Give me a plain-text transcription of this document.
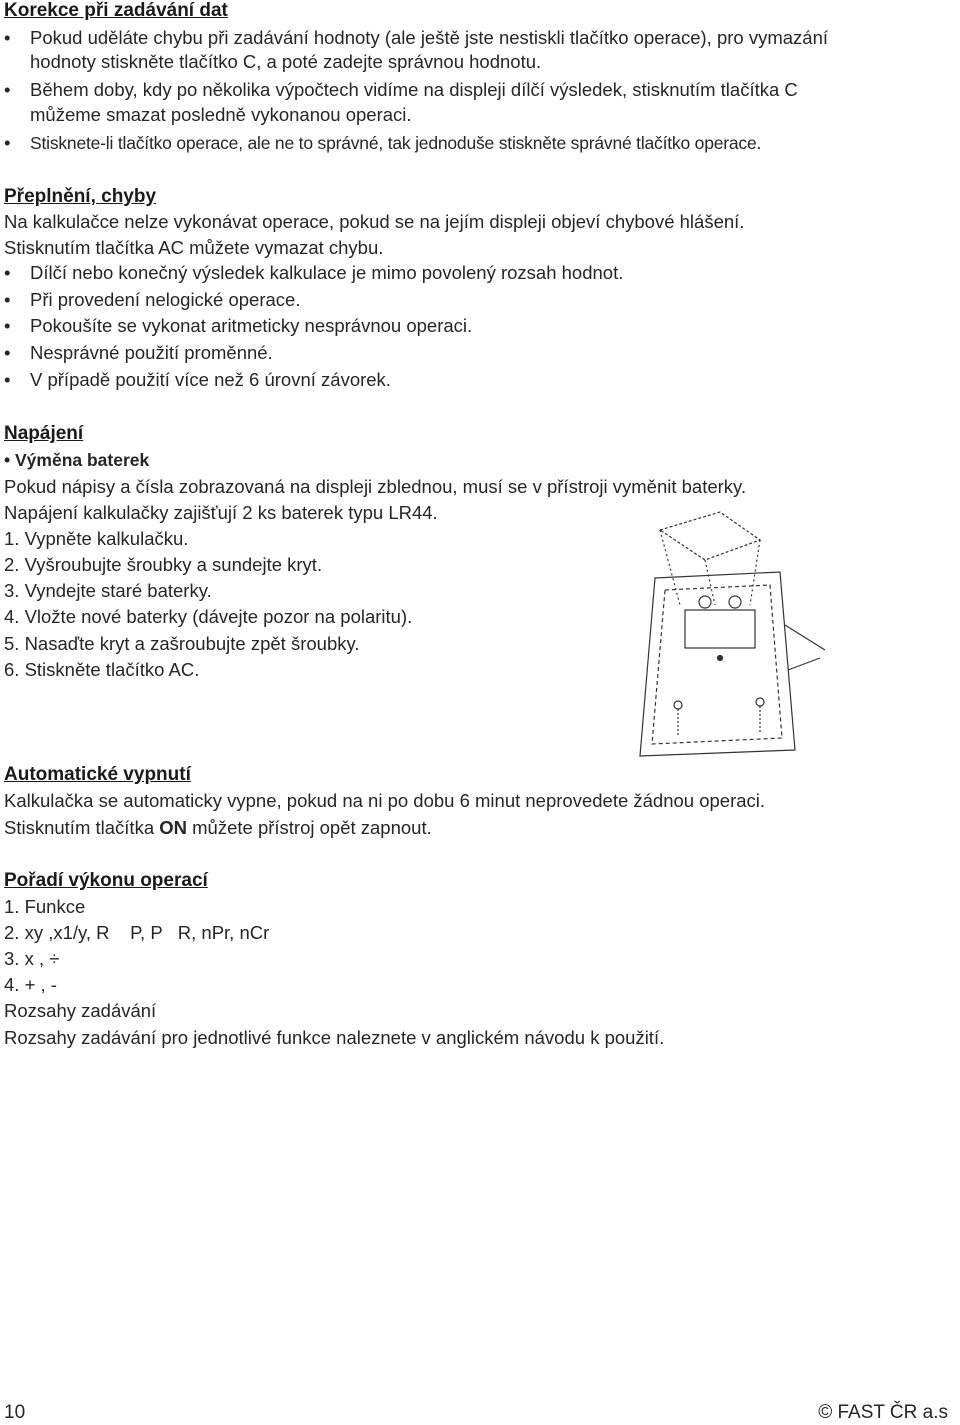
Korekce při zadávání dat
• Pokud uděláte chybu při zadávání hodnoty (ale ještě jste nestiskli tlačítko operace), pro vymazání
hodnoty stiskněte tlačítko C, a poté zadejte správnou hodnotu.
• Během doby, kdy po několika výpočtech vidíme na displeji dílčí výsledek, stisknutím tlačítka C
můžeme smazat posledně vykonanou operaci.
• Stisknete-li tlačítko operace, ale ne to správné, tak jednoduše stiskněte správné tlačítko operace.
Přeplnění, chyby
Na kalkulačce nelze vykonávat operace, pokud se na jejím displeji objeví chybové hlášení.
Stisknutím tlačítka AC můžete vymazat chybu.
• Dílčí nebo konečný výsledek kalkulace je mimo povolený rozsah hodnot.
• Při provedení nelogické operace.
• Pokoušíte se vykonat aritmeticky nesprávnou operaci.
• Nesprávné použití proměnné.
• V případě použití více než 6 úrovní závorek.
Napájení
• Výměna baterek
Pokud nápisy a čísla zobrazovaná na displeji zblednou, musí se v přístroji vyměnit baterky.
Napájení kalkulačky zajišťují 2 ks baterek typu LR44.
1. Vypněte kalkulačku.
2. Vyšroubujte šroubky a sundejte kryt.
3. Vyndejte staré baterky.
4. Vložte nové baterky (dávejte pozor na polaritu).
5. Nasaďte kryt a zašroubujte zpět šroubky.
6. Stiskněte tlačítko AC.
Automatické vypnutí
Kalkulačka se automaticky vypne, pokud na ni po dobu 6 minut neprovedete žádnou operaci.
Stisknutím tlačítka ON můžete přístroj opět zapnout.
Pořadí výkonu operací
1. Funkce
2. xy ,x1/y, R    P, P   R, nPr, nCr
3. x , ÷
4. + , -
Rozsahy zadávání
Rozsahy zadávání pro jednotlivé funkce naleznete v anglickém návodu k použití.
10	© FAST ČR a.s
